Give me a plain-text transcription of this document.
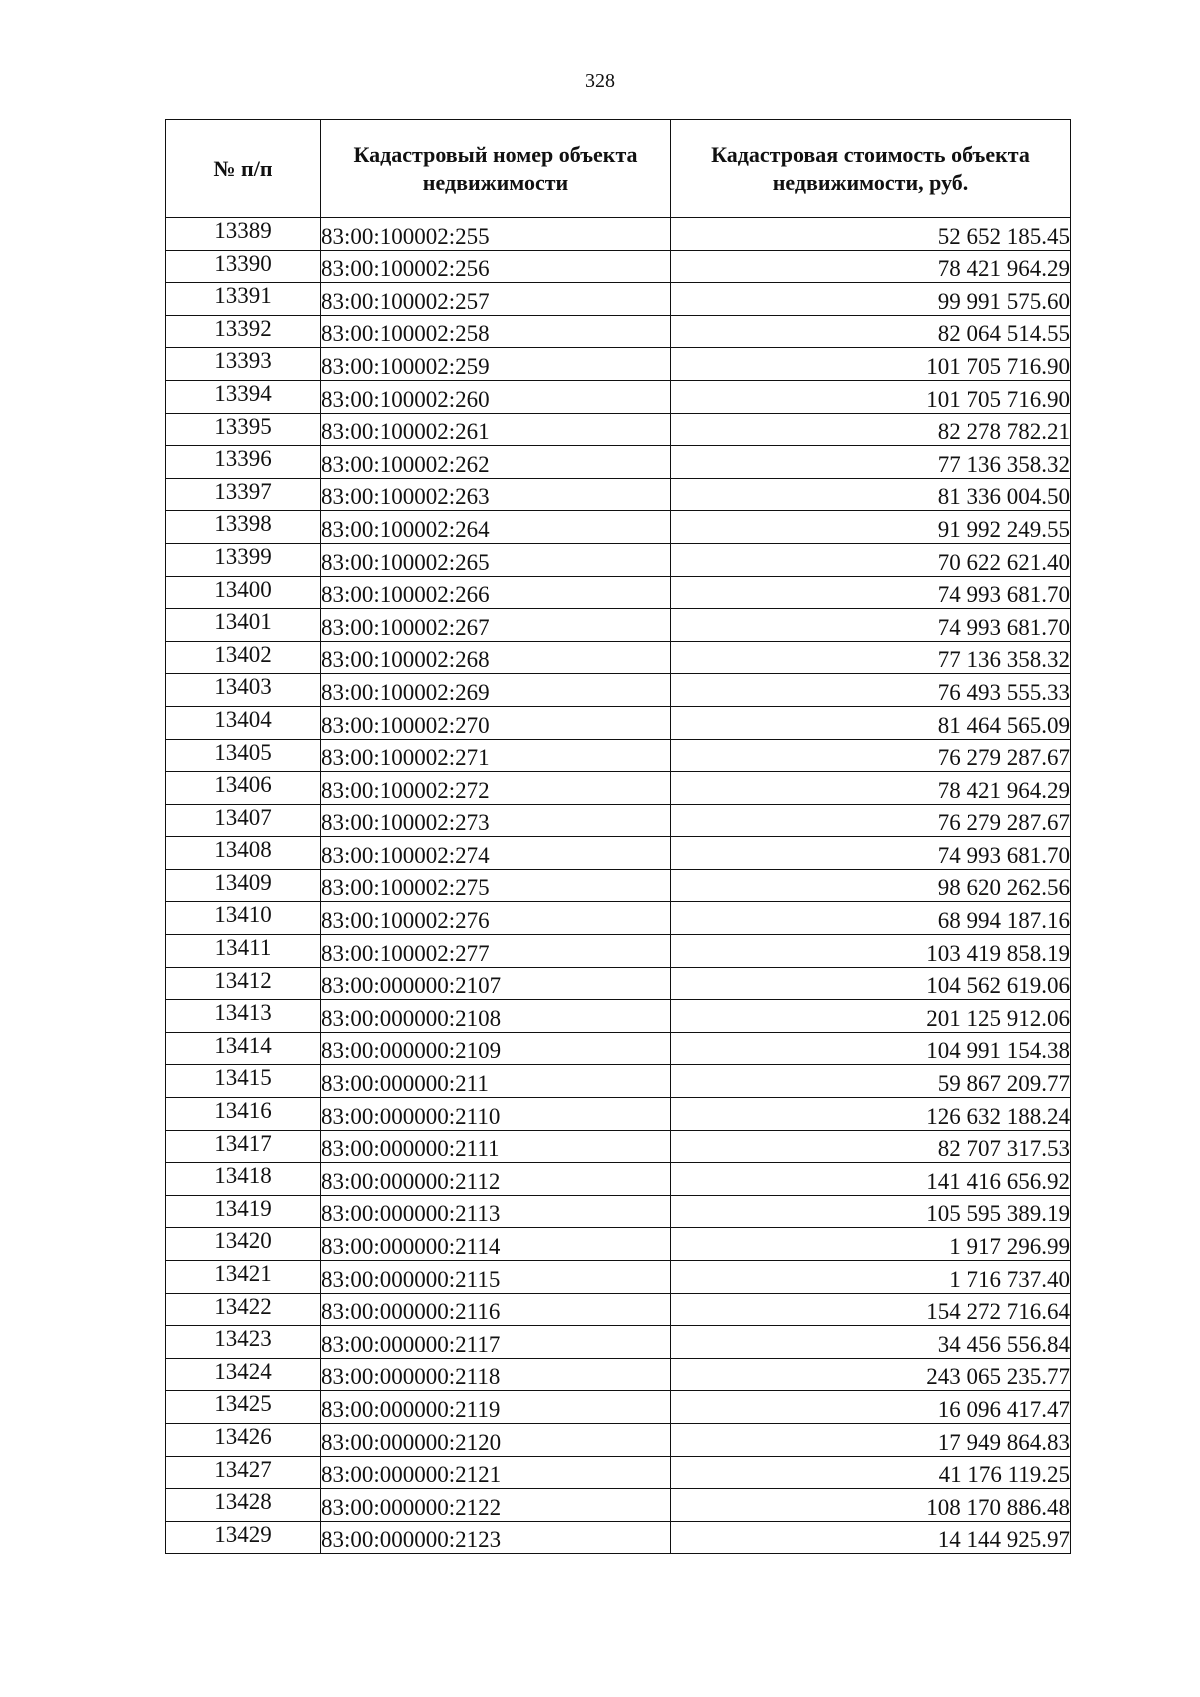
328
№ п/п	Кадастровый номер объекта недвижимости	Кадастровая стоимость объекта недвижимости, руб.
13389	83:00:100002:255	52 652 185.45
13390	83:00:100002:256	78 421 964.29
13391	83:00:100002:257	99 991 575.60
13392	83:00:100002:258	82 064 514.55
13393	83:00:100002:259	101 705 716.90
13394	83:00:100002:260	101 705 716.90
13395	83:00:100002:261	82 278 782.21
13396	83:00:100002:262	77 136 358.32
13397	83:00:100002:263	81 336 004.50
13398	83:00:100002:264	91 992 249.55
13399	83:00:100002:265	70 622 621.40
13400	83:00:100002:266	74 993 681.70
13401	83:00:100002:267	74 993 681.70
13402	83:00:100002:268	77 136 358.32
13403	83:00:100002:269	76 493 555.33
13404	83:00:100002:270	81 464 565.09
13405	83:00:100002:271	76 279 287.67
13406	83:00:100002:272	78 421 964.29
13407	83:00:100002:273	76 279 287.67
13408	83:00:100002:274	74 993 681.70
13409	83:00:100002:275	98 620 262.56
13410	83:00:100002:276	68 994 187.16
13411	83:00:100002:277	103 419 858.19
13412	83:00:000000:2107	104 562 619.06
13413	83:00:000000:2108	201 125 912.06
13414	83:00:000000:2109	104 991 154.38
13415	83:00:000000:211	59 867 209.77
13416	83:00:000000:2110	126 632 188.24
13417	83:00:000000:2111	82 707 317.53
13418	83:00:000000:2112	141 416 656.92
13419	83:00:000000:2113	105 595 389.19
13420	83:00:000000:2114	1 917 296.99
13421	83:00:000000:2115	1 716 737.40
13422	83:00:000000:2116	154 272 716.64
13423	83:00:000000:2117	34 456 556.84
13424	83:00:000000:2118	243 065 235.77
13425	83:00:000000:2119	16 096 417.47
13426	83:00:000000:2120	17 949 864.83
13427	83:00:000000:2121	41 176 119.25
13428	83:00:000000:2122	108 170 886.48
13429	83:00:000000:2123	14 144 925.97
